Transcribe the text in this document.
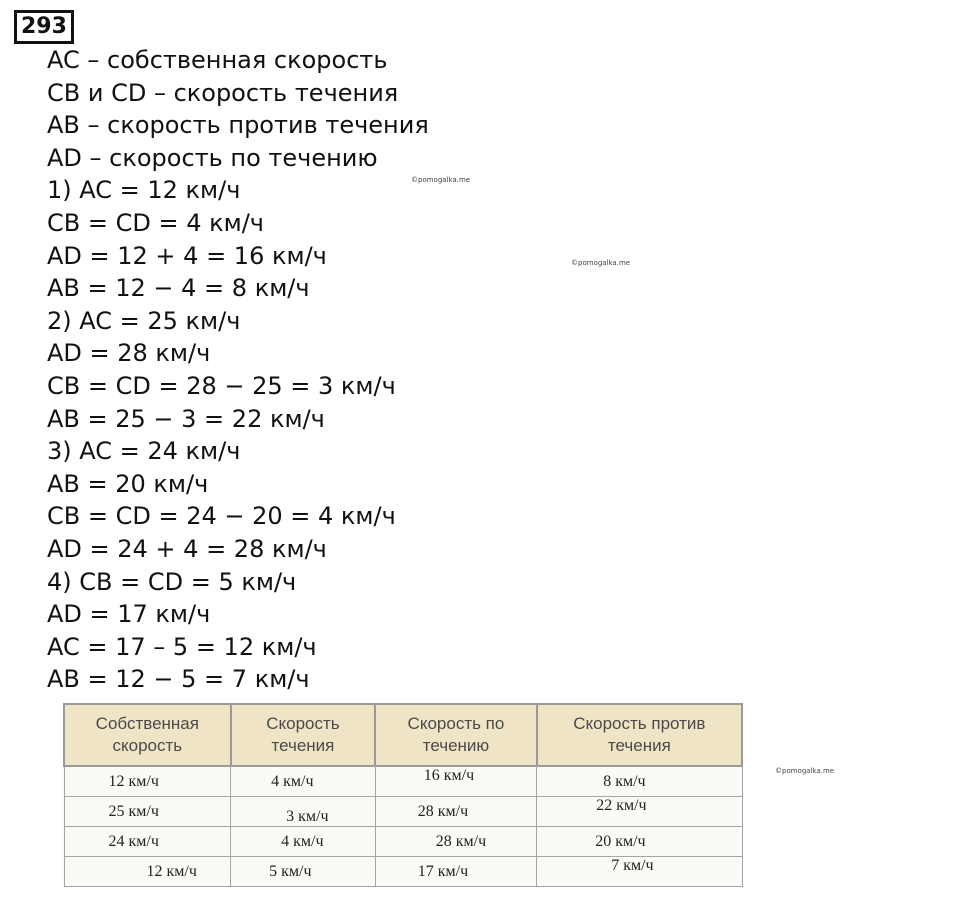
293
AC – собственная скорость
CB и CD – скорость течения
AB – скорость против течения
AD – скорость по течению
1) AC = 12 км/ч
CB = CD = 4 км/ч
AD = 12 + 4 = 16 км/ч
AB = 12 − 4 = 8 км/ч
2) AC = 25 км/ч
AD = 28 км/ч
CB = CD = 28 − 25 = 3 км/ч
AB = 25 − 3 = 22 км/ч
3) AC = 24 км/ч
AB = 20 км/ч
CB = CD = 24 − 20 = 4 км/ч
AD = 24 + 4 = 28 км/ч
4) CB = CD = 5 км/ч
AD = 17 км/ч
AC = 17 – 5 = 12 км/ч
AB = 12 − 5 = 7 км/ч
©pomogalka.me
©pomogalka.me
©pomogalka.me
Собственная скорость	Скорость течения	Скорость по течению	Скорость против течения
12 км/ч	4 км/ч	16 км/ч	8 км/ч
25 км/ч	3 км/ч	28 км/ч	22 км/ч
24 км/ч	4 км/ч	28 км/ч	20 км/ч
12 км/ч	5 км/ч	17 км/ч	7 км/ч
